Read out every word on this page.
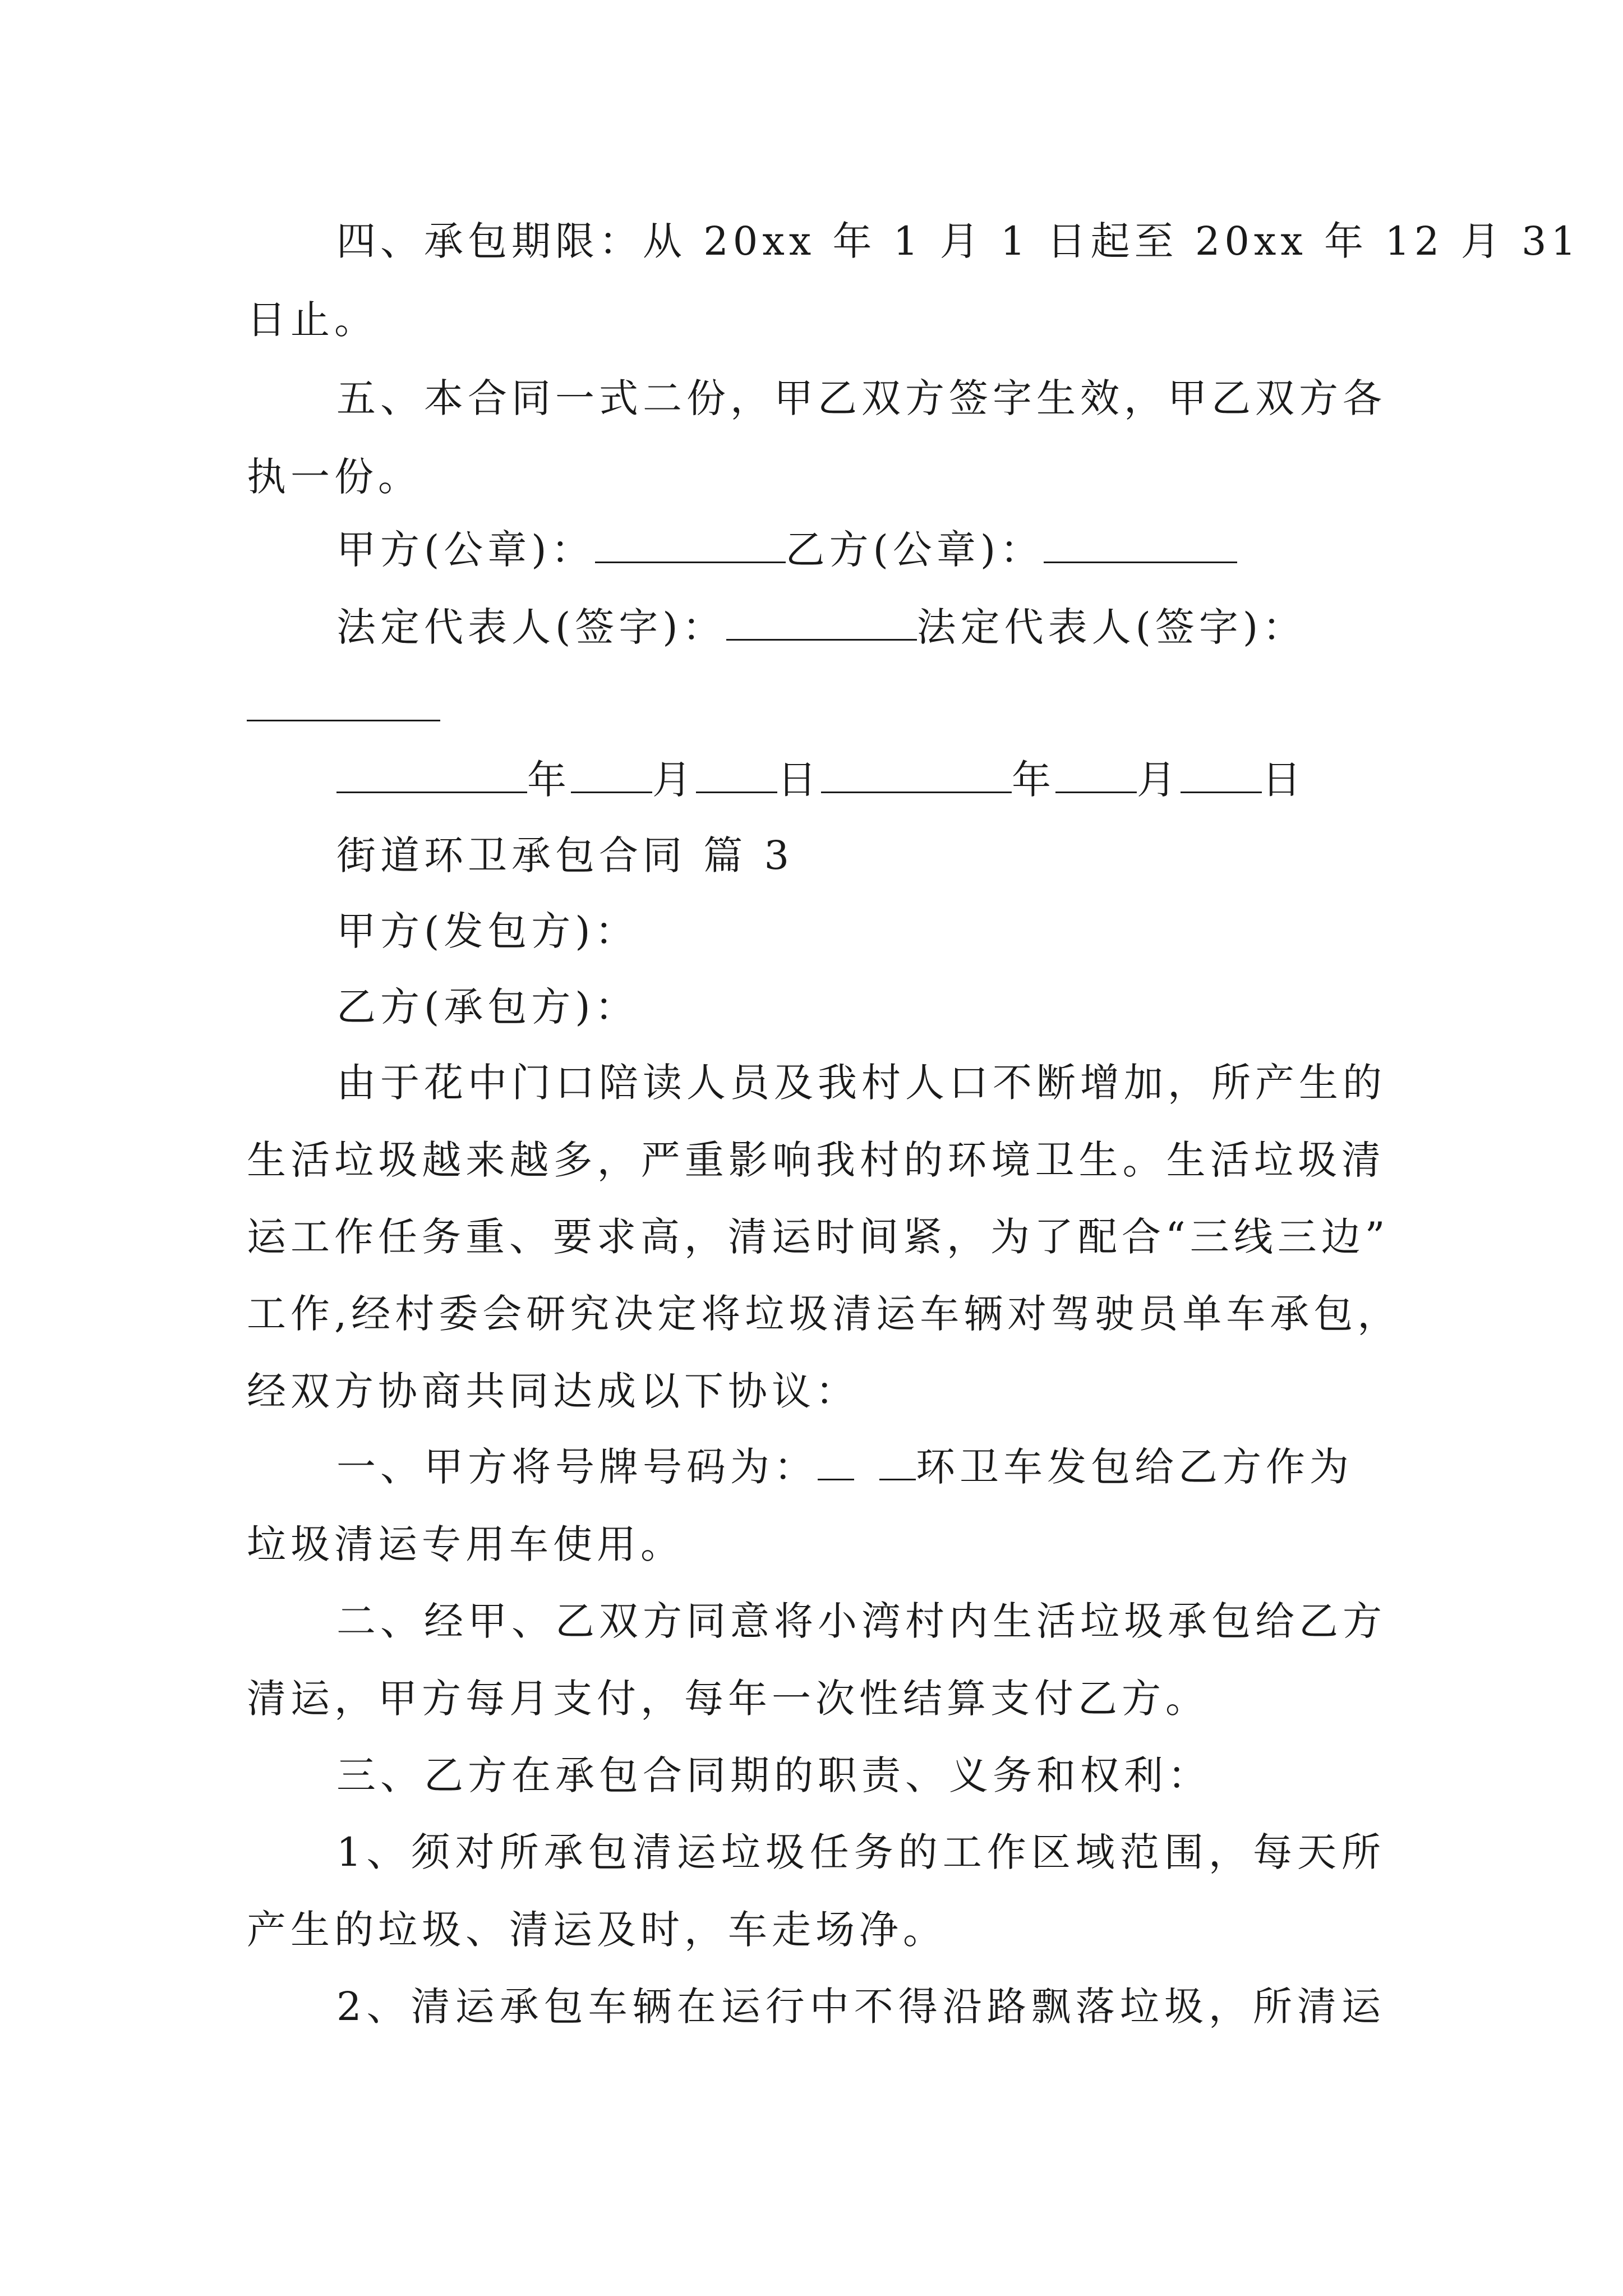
四、承包期限：从 20xx 年 1 月 1 日起至 20xx 年 12 月 31
日止。
五、本合同一式二份，甲乙双方签字生效，甲乙双方各
执一份。
甲方(公章)：	乙方(公章)：
法定代表人(签字)：	法定代表人(签字)：
年 月 日	年 月 日
街道环卫承包合同 篇 3
甲方(发包方)：
乙方(承包方)：
由于花中门口陪读人员及我村人口不断增加，所产生的
生活垃圾越来越多，严重影响我村的环境卫生。生活垃圾清
运工作任务重、要求高，清运时间紧，为了配合“三线三边”
工作,经村委会研究决定将垃圾清运车辆对驾驶员单车承包，
经双方协商共同达成以下协议：
一、甲方将号牌号码为：	环卫车发包给乙方作为
垃圾清运专用车使用。
二、经甲、乙双方同意将小湾村内生活垃圾承包给乙方
清运，甲方每月支付，每年一次性结算支付乙方。
三、乙方在承包合同期的职责、义务和权利：
1、须对所承包清运垃圾任务的工作区域范围，每天所
产生的垃圾、清运及时，车走场净。
2、清运承包车辆在运行中不得沿路飘落垃圾，所清运
